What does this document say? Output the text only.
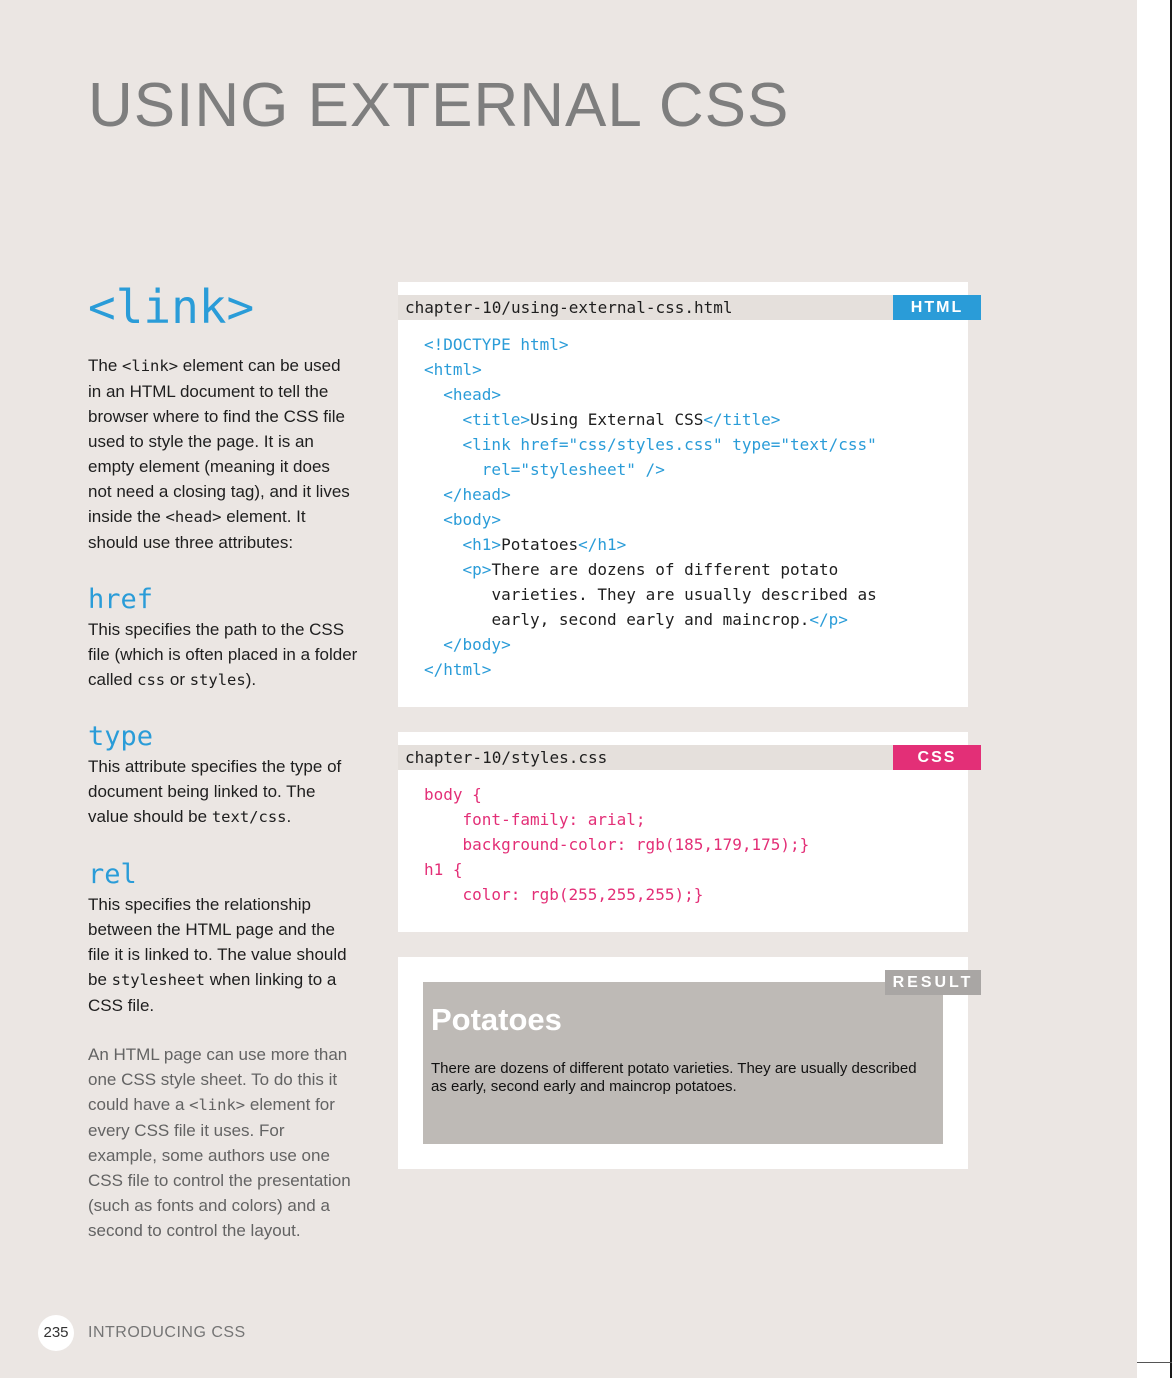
USING EXTERNAL CSS
<link>
The <link> element can be used in an HTML document to tell the browser where to find the CSS file used to style the page. It is an empty element (meaning it does not need a closing tag), and it lives inside the <head> element. It should use three attributes:
href
This specifies the path to the CSS file (which is often placed in a folder called css or styles).
type
This attribute specifies the type of document being linked to. The value should be text/css.
rel
This specifies the relationship between the HTML page and the file it is linked to. The value should be stylesheet when linking to a CSS file.
An HTML page can use more than one CSS style sheet. To do this it could have a <link> element for every CSS file it uses. For example, some authors use one CSS file to control the presentation (such as fonts and colors) and a second to control the layout.
chapter-10/using-external-css.html	HTML
<!DOCTYPE html>
<html>
<head>
<title>Using External CSS</title>
<link href="css/styles.css" type="text/css"
rel="stylesheet" />
</head>
<body>
<h1>Potatoes</h1>
<p>There are dozens of different potato
varieties. They are usually described as
early, second early and maincrop.</p>
</body>
</html>
chapter-10/styles.css	CSS
body {
font-family: arial;
background-color: rgb(185,179,175);}
h1 {
color: rgb(255,255,255);}
Potatoes

There are dozens of different potato varieties. They are usually described as early, second early and maincrop potatoes.

RESULT
235	INTRODUCING CSS
